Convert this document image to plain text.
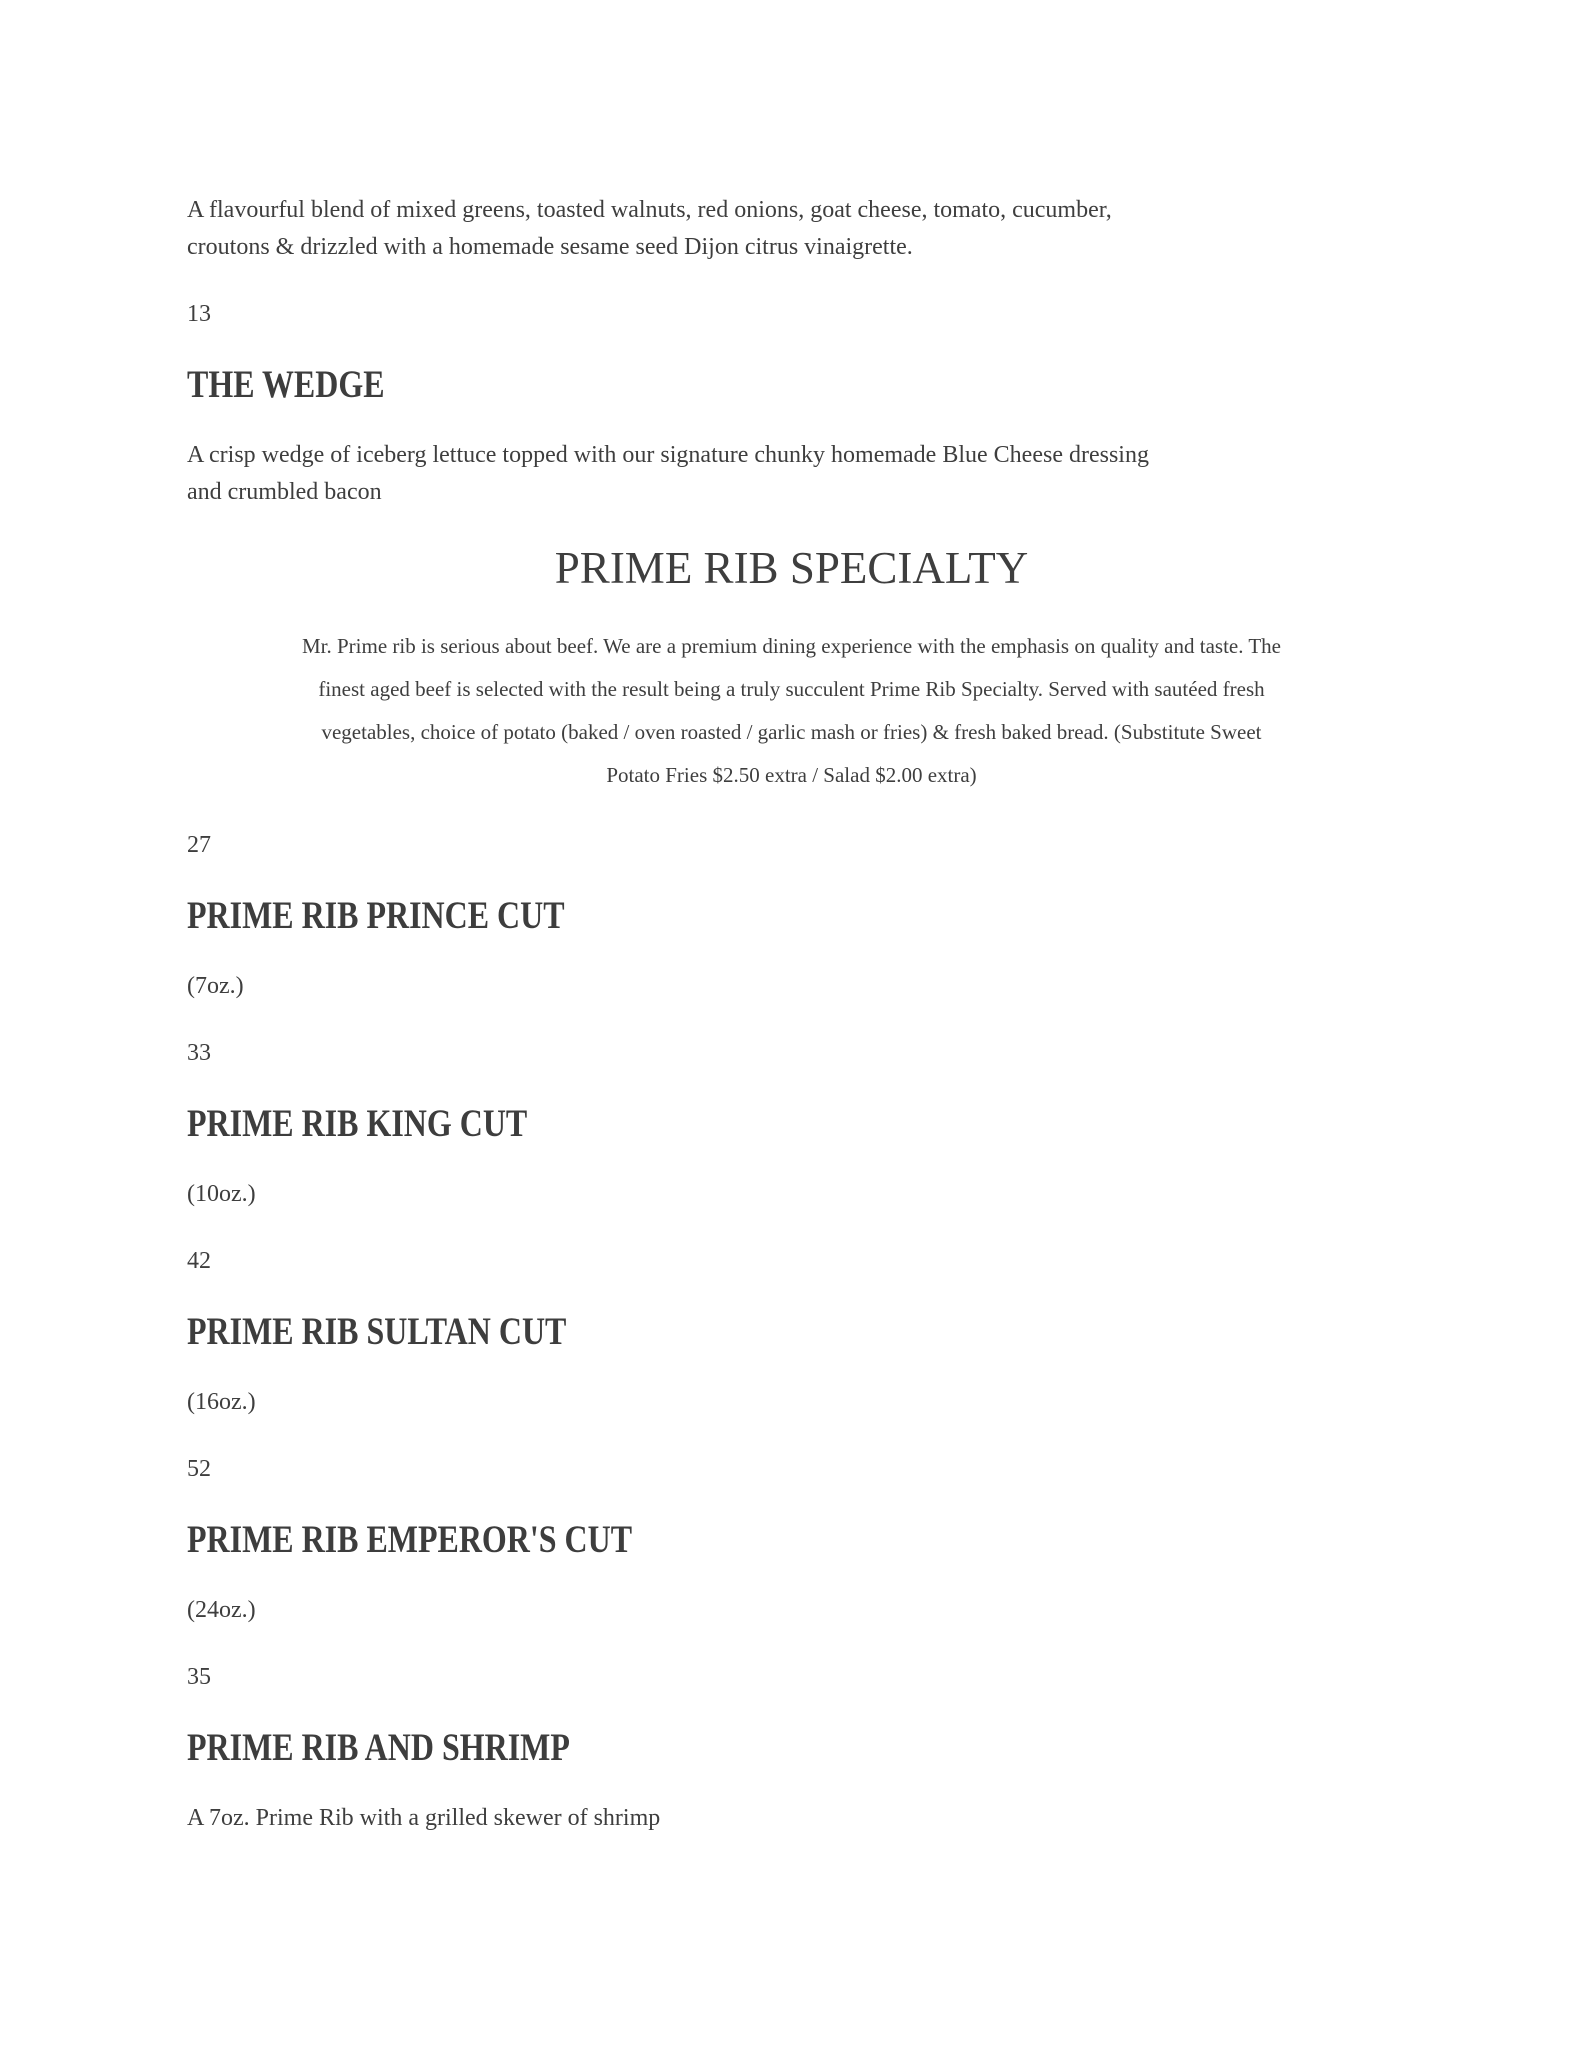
A flavourful blend of mixed greens, toasted walnuts, red onions, goat cheese, tomato, cucumber,
croutons & drizzled with a homemade sesame seed Dijon citrus vinaigrette.
13
THE WEDGE
A crisp wedge of iceberg lettuce topped with our signature chunky homemade Blue Cheese dressing
and crumbled bacon
PRIME RIB SPECIALTY
Mr. Prime rib is serious about beef. We are a premium dining experience with the emphasis on quality and taste. The
finest aged beef is selected with the result being a truly succulent Prime Rib Specialty. Served with sautéed fresh
vegetables, choice of potato (baked / oven roasted / garlic mash or fries) & fresh baked bread. (Substitute Sweet
Potato Fries $2.50 extra / Salad $2.00 extra)
27
PRIME RIB PRINCE CUT
(7oz.)
33
PRIME RIB KING CUT
(10oz.)
42
PRIME RIB SULTAN CUT
(16oz.)
52
PRIME RIB EMPEROR'S CUT
(24oz.)
35
PRIME RIB AND SHRIMP
A 7oz. Prime Rib with a grilled skewer of shrimp
